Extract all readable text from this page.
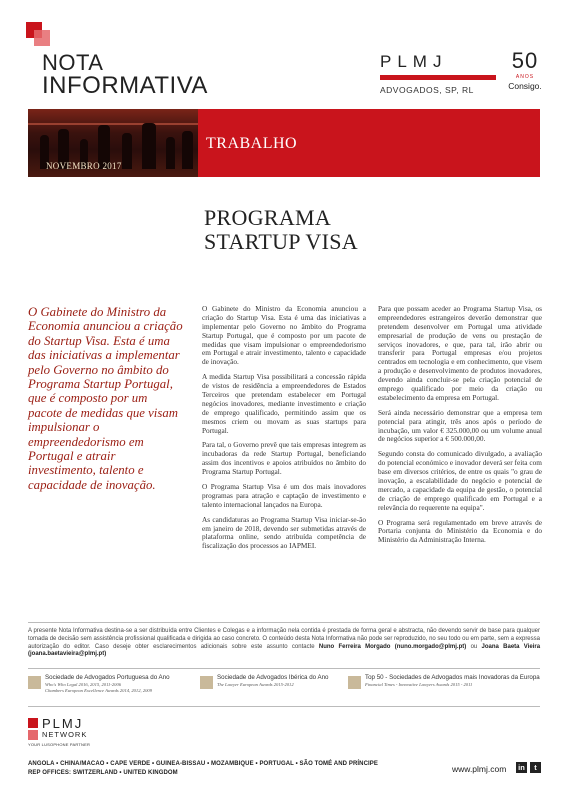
NOTA
INFORMATIVA
PLMJ
ADVOGADOS, SP, RL
50
ANOS
Consigo.
NOVEMBRO 2017
TRABALHO
PROGRAMA
STARTUP VISA
O Gabinete do Ministro da Economia anunciou a criação do Startup Visa. Esta é uma das iniciativas a implementar pelo Governo no âmbito do Programa Startup Portugal, que é composto por um pacote de medidas que visam impulsionar o empreendedorismo em Portugal e atrair investimento, talento e capacidade de inovação.

O Gabinete do Ministro da Economia anunciou a criação do Startup Visa. Esta é uma das iniciativas a implementar pelo Governo no âmbito do Programa Startup Portugal, que é composto por um pacote de medidas que visam impulsionar o empreendedorismo em Portugal e atrair investimento, talento e capacidade de inovação.

A medida Startup Visa possibilitará a concessão rápida de vistos de residência a empreendedores de Estados Terceiros que pretendam estabelecer em Portugal negócios inovadores, mediante investimento e criação de emprego qualificado, permitindo assim que os mesmos criem ou movam as suas startups para Portugal.

Para tal, o Governo prevê que tais empresas integrem as incubadoras da rede Startup Portugal, beneficiando assim dos incentivos e apoios atribuídos no âmbito do Programa Startup Portugal.

O Programa Startup Visa é um dos mais inovadores programas para atração e captação de investimento e talento internacional lançados na Europa.

As candidaturas ao Programa Startup Visa iniciar-se-ão em janeiro de 2018, devendo ser submetidas através de plataforma online, sendo atribuída competência de fiscalização dos processos ao IAPMEI.

Para que possam aceder ao Programa Startup Visa, os empreendedores estrangeiros deverão demonstrar que pretendem desenvolver em Portugal uma atividade empresarial de produção de vens ou prestação de serviços inovadores, e que, para tal, irão abrir ou transferir para Portugal empresas e/ou projetos centrados em tecnologia e em conhecimento, que visem a produção e desenvolvimento de produtos inovadores, devendo ainda concluir-se pela criação potencial de emprego qualificado por meio da criação ou estabelecimento da empresa em Portugal.

Será ainda necessário demonstrar que a empresa tem potencial para atingir, três anos após o período de incubação, um valor € 325.000,00 ou um volume anual de negócios superior a € 500.000,00.

Segundo consta do comunicado divulgado, a avaliação do potencial económico e inovador deverá ser feita com base em diversos critérios, de entre os quais "o grau de inovação, a escalabilidade do negócio e potencial de mercado, a capacidade da equipa de gestão, o potencial de criação de emprego qualificado em Portugal e a relevância do requerente na equipa".

O Programa será regulamentado em breve através de Portaria conjunta do Ministério da Economia e do Ministério da Administração Interna.

A presente Nota Informativa destina-se a ser distribuída entre Clientes e Colegas e a informação nela contida é prestada de forma geral e abstracta, não devendo servir de base para qualquer tomada de decisão sem assistência profissional qualificada e dirigida ao caso concreto. O conteúdo desta Nota Informativa não pode ser reproduzido, no seu todo ou em parte, sem a expressa autorização do editor. Caso deseje obter esclarecimentos adicionais sobre este assunto contacte Nuno Ferreira Morgado (nuno.morgado@plmj.pt) ou Joana Baeta Vieira (joana.baetavieira@plmj.pt)
Sociedade de Advogados Portuguesa do Ano
Who's Who Legal 2016, 2015, 2011-2006
Chambers European Excellence Awards 2014, 2012, 2009
Sociedade de Advogados Ibérica do Ano
The Lawyer European Awards 2015-2012
Top 50 - Sociedades de Advogados mais Inovadoras da Europa
Financial Times - Innovative Lawyers Awards 2015 - 2011
PLMJ
NETWORK
YOUR LUSOPHONE PARTNER
ANGOLA • CHINA/MACAO • CAPE VERDE • GUINEA-BISSAU • MOZAMBIQUE • PORTUGAL • SÃO TOMÉ AND PRÍNCIPE
REP OFFICES: SWITZERLAND • UNITED KINGDOM	www.plmj.com in	t
